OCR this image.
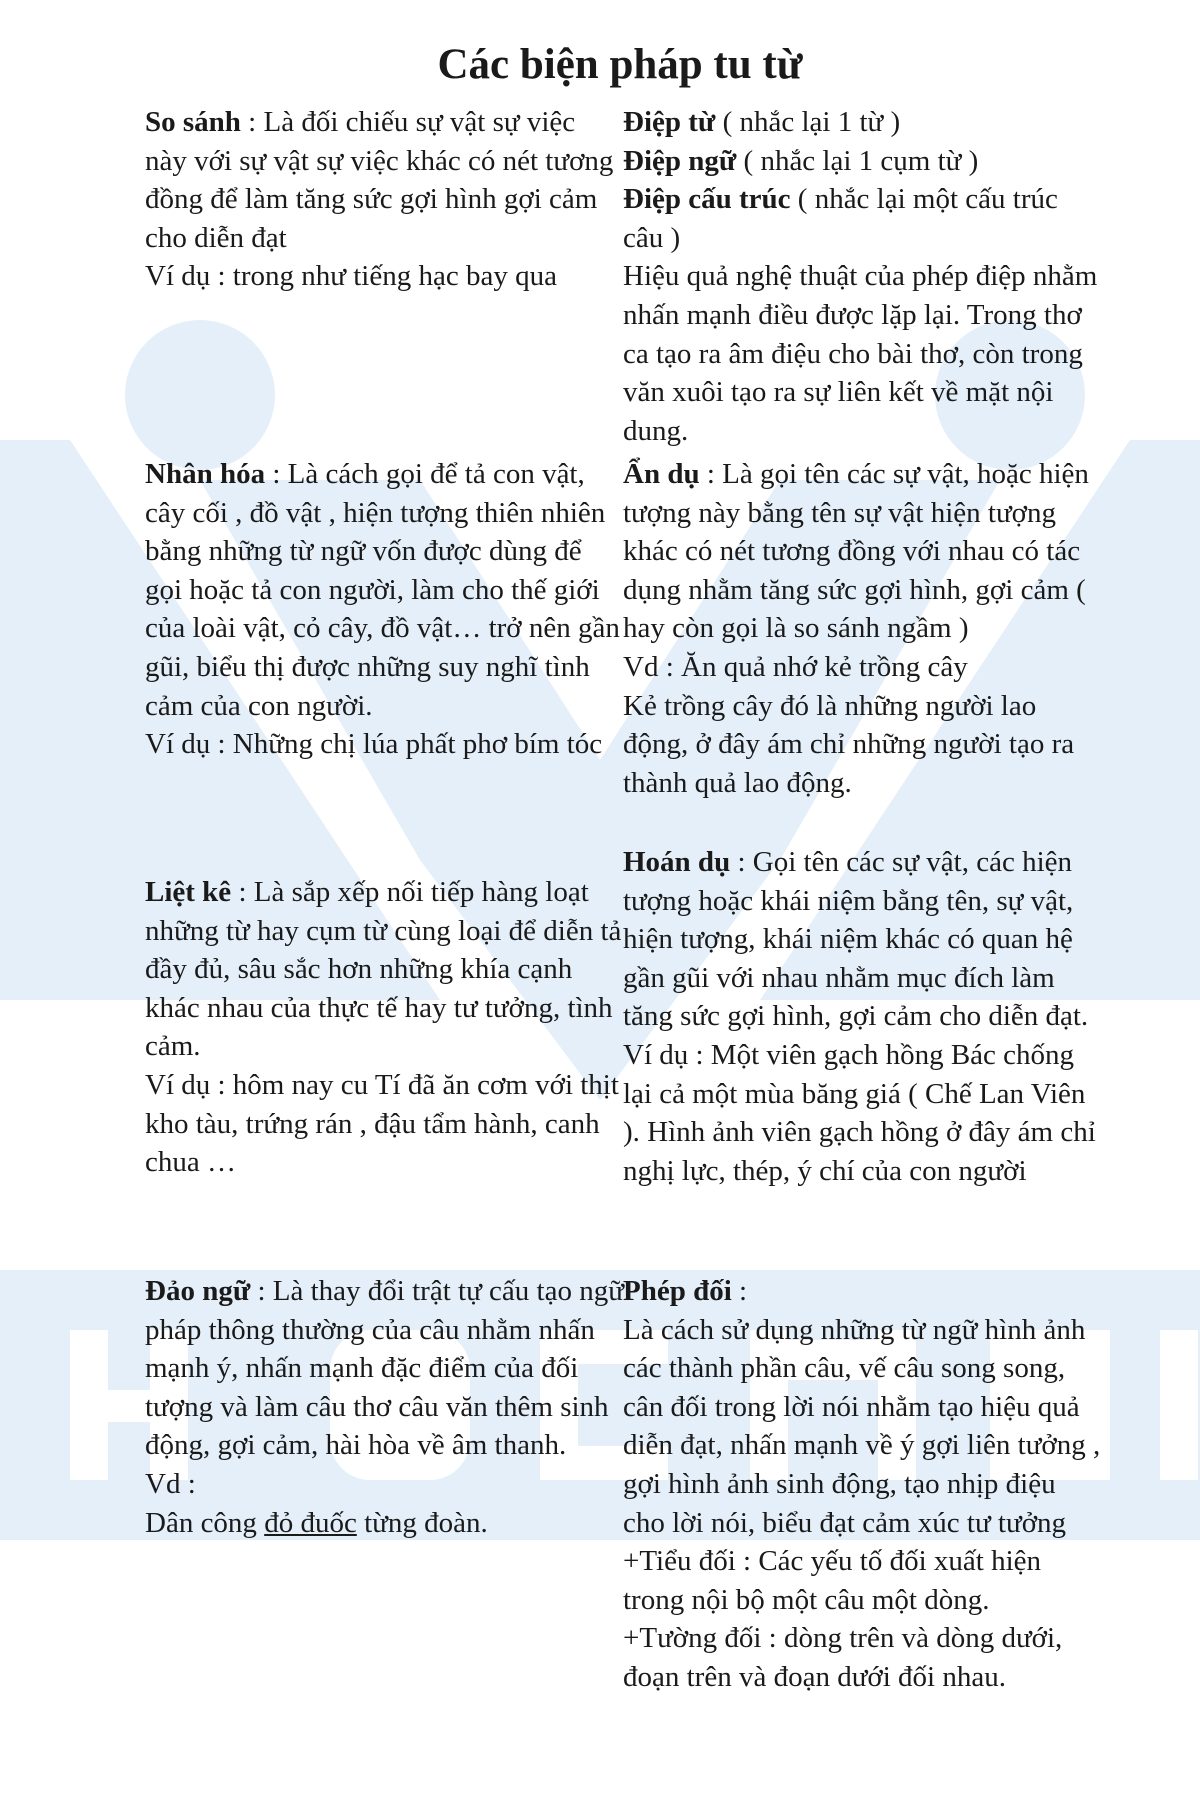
Các biện pháp tu từ

So sánh : Là đối chiếu sự vật sự việc này với sự vật sự việc khác có nét tương đồng để làm tăng sức gợi hình gợi cảm cho diễn đạt

Ví dụ : trong như tiếng hạc bay qua

Nhân hóa : Là cách gọi để tả con vật, cây cối , đồ vật , hiện tượng thiên nhiên bằng những từ ngữ vốn được dùng để gọi hoặc tả con người, làm cho thế giới của loài vật, cỏ cây, đồ vật… trở nên gần gũi, biểu thị được những suy nghĩ tình cảm của con người.

Ví dụ : Những chị lúa phất phơ bím tóc

Liệt kê : Là sắp xếp nối tiếp hàng loạt những từ hay cụm từ cùng loại để diễn tả đầy đủ, sâu sắc hơn những khía cạnh khác nhau của thực tế hay tư tưởng, tình cảm.

Ví dụ : hôm nay cu Tí đã ăn cơm với thịt kho tàu, trứng rán , đậu tẩm hành, canh chua …

Đảo ngữ : Là thay đổi trật tự cấu tạo ngữ pháp thông thường của câu nhằm nhấn mạnh ý, nhấn mạnh đặc điểm của đối tượng và làm câu thơ câu văn thêm sinh động, gợi cảm, hài hòa về âm thanh.

Vd :

Dân công đỏ đuốc từng đoàn.

Điệp từ ( nhắc lại 1 từ )

Điệp ngữ ( nhắc lại 1 cụm từ )

Điệp cấu trúc ( nhắc lại một cấu trúc câu )

Hiệu quả nghệ thuật của phép điệp nhằm nhấn mạnh điều được lặp lại. Trong thơ ca tạo ra âm điệu cho bài thơ, còn trong văn xuôi tạo ra sự liên kết về mặt nội dung.

Ẩn dụ : Là gọi tên các sự vật, hoặc hiện tượng này bằng tên sự vật hiện tượng khác có nét tương đồng với nhau có tác dụng nhằm tăng sức gợi hình, gợi cảm ( hay còn gọi là so sánh ngầm )

Vd : Ăn quả nhớ kẻ trồng cây

Kẻ trồng cây đó là những người lao động, ở đây ám chỉ những người tạo ra thành quả lao động.

Hoán dụ : Gọi tên các sự vật, các hiện tượng hoặc khái niệm bằng tên, sự vật, hiện tượng, khái niệm khác có quan hệ gần gũi với nhau nhằm mục đích làm tăng sức gợi hình, gợi cảm cho diễn đạt.

Ví dụ : Một viên gạch hồng Bác chống lại cả một mùa băng giá ( Chế Lan Viên ). Hình ảnh viên gạch hồng ở đây ám chỉ nghị lực, thép, ý chí của con người

Phép đối :

Là cách sử dụng những từ ngữ hình ảnh các thành phần câu, vế câu song song, cân đối trong lời nói nhằm tạo hiệu quả diễn đạt, nhấn mạnh về ý gợi liên tưởng , gợi hình ảnh sinh động, tạo nhịp điệu cho lời nói, biểu đạt cảm xúc tư tưởng

+Tiểu đối : Các yếu tố đối xuất hiện trong nội bộ một câu một dòng.

+Tường đối : dòng trên và dòng dưới, đoạn trên và đoạn dưới đối nhau.
